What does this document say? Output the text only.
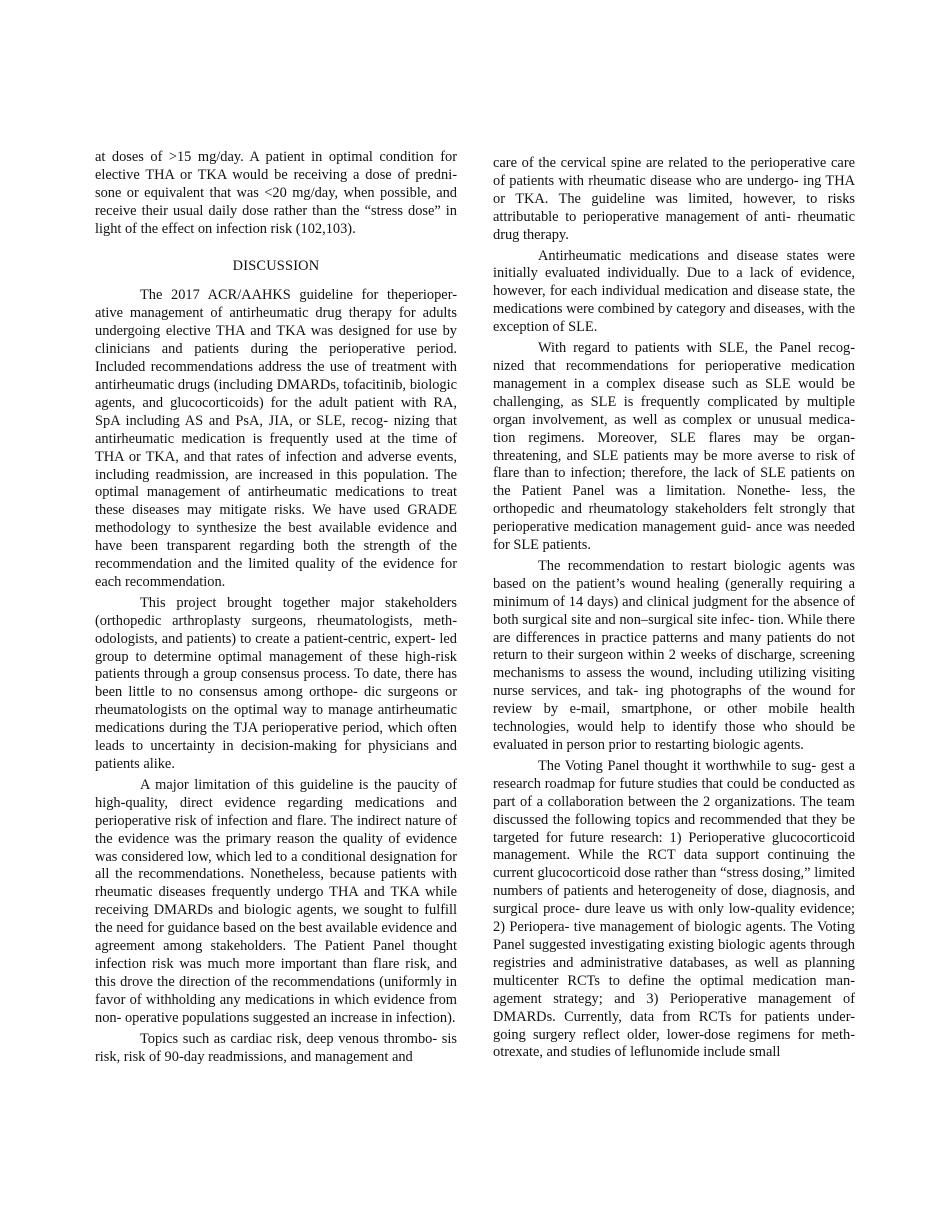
at doses of >15 mg/day. A patient in optimal condition for elective THA or TKA would be receiving a dose of predni- sone or equivalent that was <20 mg/day, when possible, and receive their usual daily dose rather than the “stress dose” in light of the effect on infection risk (102,103).

DISCUSSION

The 2017 ACR/AAHKS guideline for theperioper- ative management of antirheumatic drug therapy for adults undergoing elective THA and TKA was designed for use by clinicians and patients during the perioperative period. Included recommendations address the use of treatment with antirheumatic drugs (including DMARDs, tofacitinib, biologic agents, and glucocorticoids) for the adult patient with RA, SpA including AS and PsA, JIA, or SLE, recog- nizing that antirheumatic medication is frequently used at the time of THA or TKA, and that rates of infection and adverse events, including readmission, are increased in this population. The optimal management of antirheumatic medications to treat these diseases may mitigate risks. We have used GRADE methodology to synthesize the best available evidence and have been transparent regarding both the strength of the recommendation and the limited quality of the evidence for each recommendation.

This project brought together major stakeholders (orthopedic arthroplasty surgeons, rheumatologists, meth- odologists, and patients) to create a patient-centric, expert- led group to determine optimal management of these high-risk patients through a group consensus process. To date, there has been little to no consensus among orthope- dic surgeons or rheumatologists on the optimal way to manage antirheumatic medications during the TJA perioperative period, which often leads to uncertainty in decision-making for physicians and patients alike.

A major limitation of this guideline is the paucity of high-quality, direct evidence regarding medications and perioperative risk of infection and flare. The indirect nature of the evidence was the primary reason the quality of evidence was considered low, which led to a conditional designation for all the recommendations. Nonetheless, because patients with rheumatic diseases frequently undergo THA and TKA while receiving DMARDs and biologic agents, we sought to fulfill the need for guidance based on the best available evidence and agreement among stakeholders. The Patient Panel thought infection risk was much more important than flare risk, and this drove the direction of the recommendations (uniformly in favor of withholding any medications in which evidence from non- operative populations suggested an increase in infection).

Topics such as cardiac risk, deep venous thrombo- sis risk, risk of 90-day readmissions, and management and

care of the cervical spine are related to the perioperative care of patients with rheumatic disease who are undergo- ing THA or TKA. The guideline was limited, however, to risks attributable to perioperative management of anti- rheumatic drug therapy.

Antirheumatic medications and disease states were initially evaluated individually. Due to a lack of evidence, however, for each individual medication and disease state, the medications were combined by category and diseases, with the exception of SLE.

With regard to patients with SLE, the Panel recog- nized that recommendations for perioperative medication management in a complex disease such as SLE would be challenging, as SLE is frequently complicated by multiple organ involvement, as well as complex or unusual medica- tion regimens. Moreover, SLE flares may be organ- threatening, and SLE patients may be more averse to risk of flare than to infection; therefore, the lack of SLE patients on the Patient Panel was a limitation. Nonethe- less, the orthopedic and rheumatology stakeholders felt strongly that perioperative medication management guid- ance was needed for SLE patients.

The recommendation to restart biologic agents was based on the patient’s wound healing (generally requiring a minimum of 14 days) and clinical judgment for the absence of both surgical site and non–surgical site infec- tion. While there are differences in practice patterns and many patients do not return to their surgeon within 2 weeks of discharge, screening mechanisms to assess the wound, including utilizing visiting nurse services, and tak- ing photographs of the wound for review by e-mail, smartphone, or other mobile health technologies, would help to identify those who should be evaluated in person prior to restarting biologic agents.

The Voting Panel thought it worthwhile to sug- gest a research roadmap for future studies that could be conducted as part of a collaboration between the 2 organizations. The team discussed the following topics and recommended that they be targeted for future research: 1) Perioperative glucocorticoid management. While the RCT data support continuing the current glucocorticoid dose rather than “stress dosing,” limited numbers of patients and heterogeneity of dose, diagnosis, and surgical proce- dure leave us with only low-quality evidence; 2) Periopera- tive management of biologic agents. The Voting Panel suggested investigating existing biologic agents through registries and administrative databases, as well as planning multicenter RCTs to define the optimal medication man- agement strategy; and 3) Perioperative management of DMARDs. Currently, data from RCTs for patients under- going surgery reflect older, lower-dose regimens for meth- otrexate, and studies of leflunomide include small
